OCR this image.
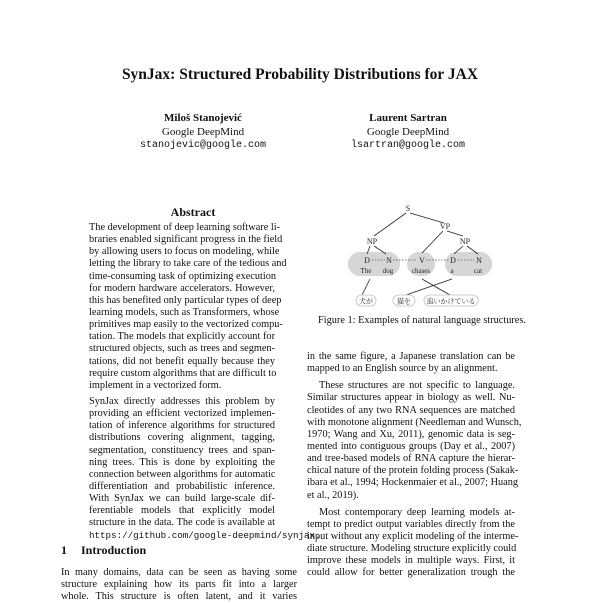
SynJax: Structured Probability Distributions for JAX
Miloš Stanojević
Google DeepMind
stanojevic@google.com
Laurent Sartran
Google DeepMind
lsartran@google.com
Abstract
The development of deep learning software li-
braries enabled significant progress in the field
by allowing users to focus on modeling, while
letting the library to take care of the tedious and
time-consuming task of optimizing execution
for modern hardware accelerators. However,
this has benefited only particular types of deep
learning models, such as Transformers, whose
primitives map easily to the vectorized compu-
tation. The models that explicitly account for
structured objects, such as trees and segmen-
tations, did not benefit equally because they
require custom algorithms that are difficult to
implement in a vectorized form.
SynJax directly addresses this problem by
providing an efficient vectorized implemen-
tation of inference algorithms for structured
distributions covering alignment, tagging,
segmentation, constituency trees and span-
ning trees. This is done by exploiting the
connection between algorithms for automatic
differentiation and probabilistic inference.
With SynJax we can build large-scale dif-
ferentiable models that explicitly model
structure in the data. The code is available at
https://github.com/google-deepmind/synjax.
1 Introduction
In many domains, data can be seen as having some
structure explaining how its parts fit into a larger
whole. This structure is often latent, and it varies
S
VP
NP	NP
D N	V	D	N
The dog	chases	a	cat
犬が	猫を 追いかけている
Figure 1: Examples of natural language structures.
in the same figure, a Japanese translation can be
mapped to an English source by an alignment.
These structures are not specific to language.
Similar structures appear in biology as well. Nu-
cleotides of any two RNA sequences are matched
with monotone alignment (Needleman and Wunsch,
1970; Wang and Xu, 2011), genomic data is seg-
mented into contiguous groups (Day et al., 2007)
and tree-based models of RNA capture the hierar-
chical nature of the protein folding process (Sakak-
ibara et al., 1994; Hockenmaier et al., 2007; Huang
et al., 2019).
Most contemporary deep learning models at-
tempt to predict output variables directly from the
input without any explicit modeling of the interme-
diate structure. Modeling structure explicitly could
improve these models in multiple ways. First, it
could allow for better generalization trough the
